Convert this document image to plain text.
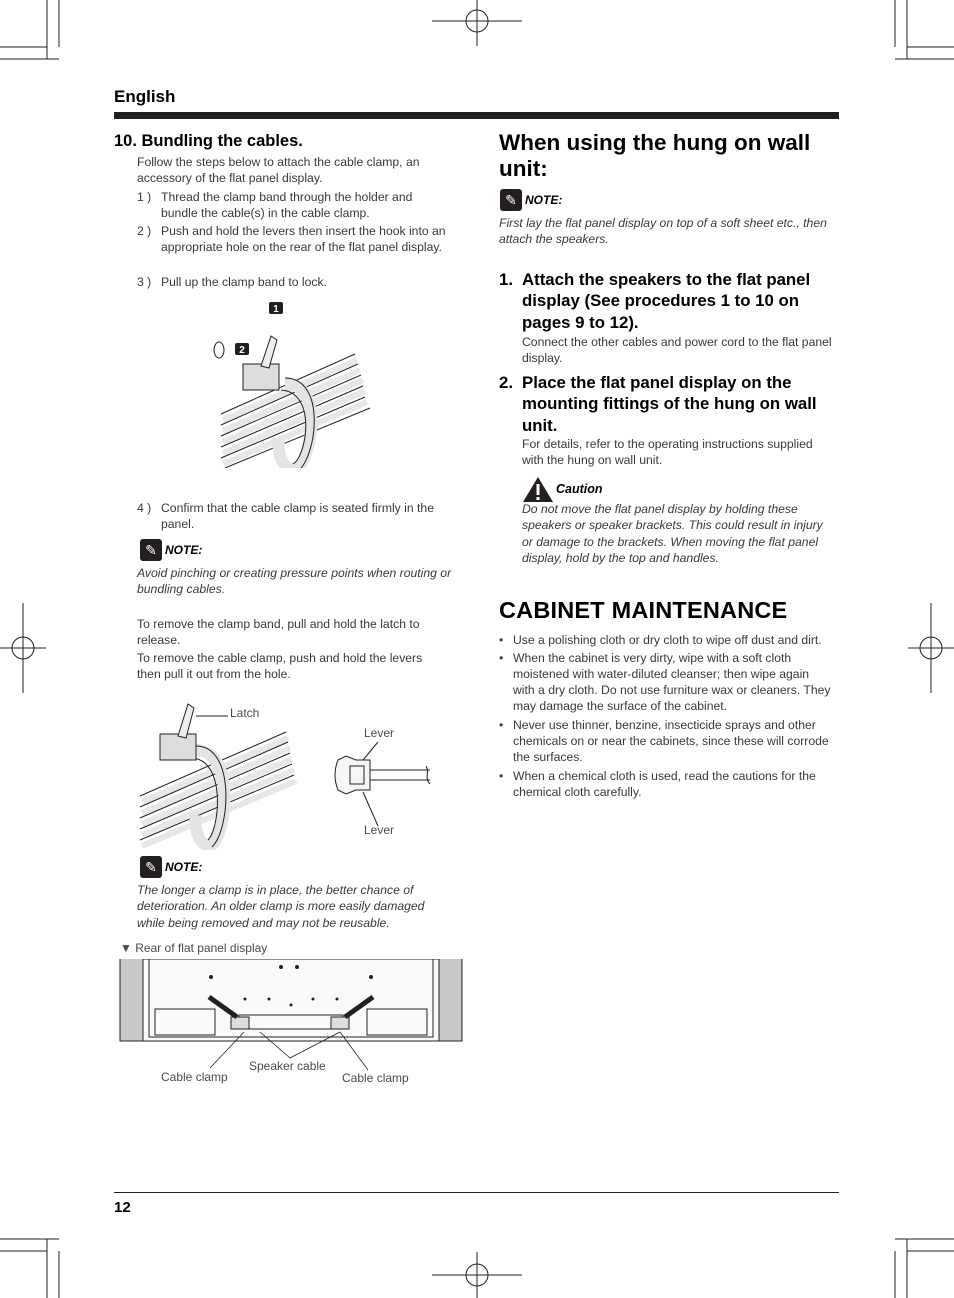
English
10. Bundling the cables.
Follow the steps below to attach the cable clamp, an accessory of the flat panel display.
1 ) Thread the clamp band through the holder and bundle the cable(s) in the cable clamp.
2 ) Push and hold the levers then insert the hook into an appropriate hole on the rear of the flat panel display.
3 ) Pull up the clamp band to lock.
1
2
4 ) Confirm that the cable clamp is seated firmly in the panel.
✎ NOTE:
Avoid pinching or creating pressure points when routing or bundling cables.
To remove the clamp band, pull and hold the latch to release.
To remove the cable clamp, push and hold the levers then pull it out from the hole.
Latch
Lever
Lever
✎ NOTE:
The longer a clamp is in place, the better chance of deterioration. An older clamp is more easily damaged while being removed and may not be reusable.
▼ Rear of flat panel display
Cable clamp
Speaker cable
Cable clamp
When using the hung on wall unit:
✎ NOTE:
First lay the flat panel display on top of a soft sheet etc., then attach the speakers.
1. Attach the speakers to the flat panel display (See procedures 1 to 10 on pages 9 to 12).
Connect the other cables and power cord to the flat panel display.
2. Place the flat panel display on the mounting fittings of the hung on wall unit.
For details, refer to the operating instructions supplied with the hung on wall unit.
Caution
Do not move the flat panel display by holding these speakers or speaker brackets. This could result in injury or damage to the brackets. When moving the flat panel display, hold by the top and handles.
CABINET MAINTENANCE
• Use a polishing cloth or dry cloth to wipe off dust and dirt.
• When the cabinet is very dirty, wipe with a soft cloth moistened with water-diluted cleanser; then wipe again with a dry cloth. Do not use furniture wax or cleaners. They may damage the surface of the cabinet.
• Never use thinner, benzine, insecticide sprays and other chemicals on or near the cabinets, since these will corrode the surfaces.
• When a chemical cloth is used, read the cautions for the chemical cloth carefully.
12
